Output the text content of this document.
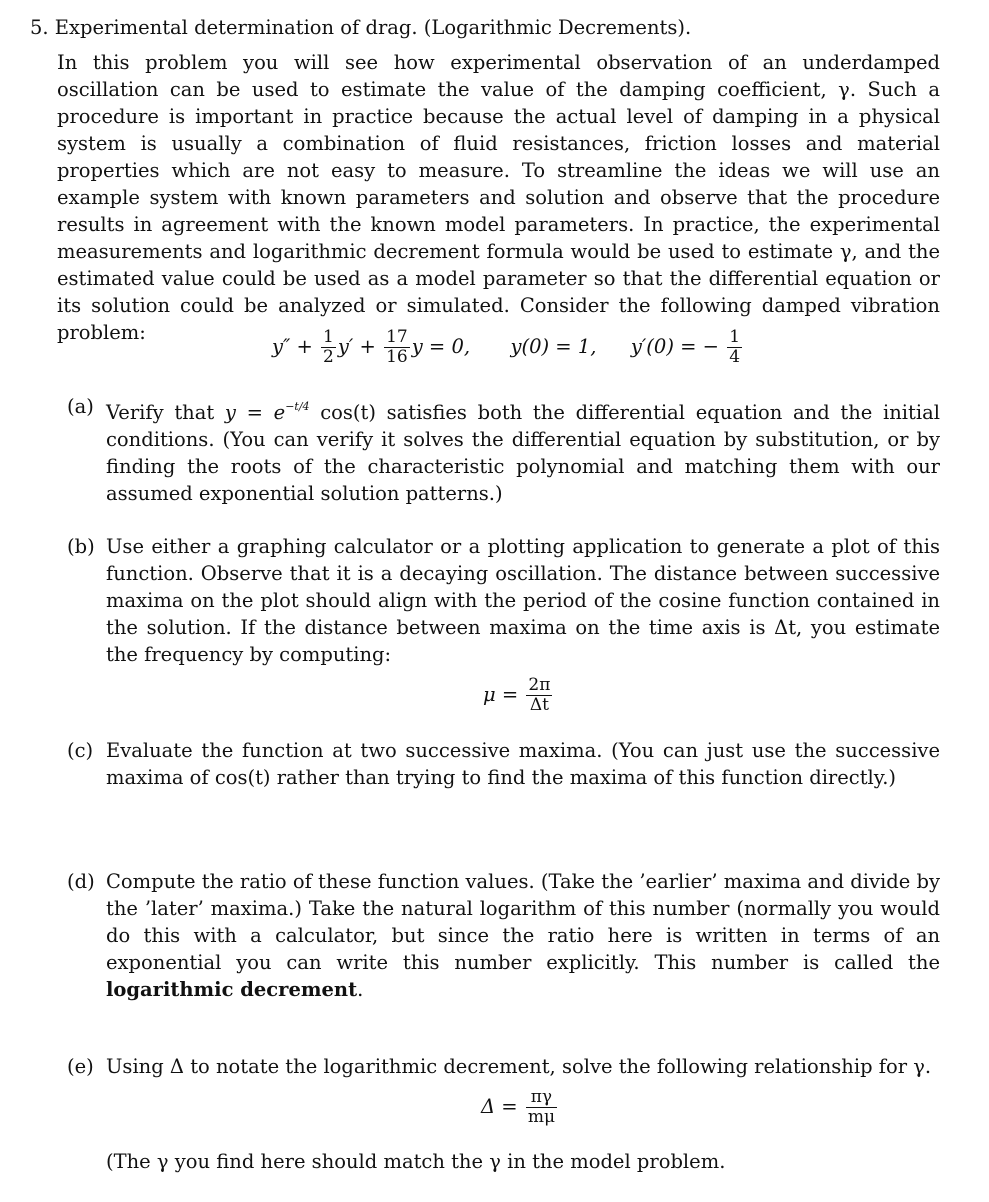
5. Experimental determination of drag. (Logarithmic Decrements).
In this problem you will see how experimental observation of an underdamped oscillation can be used to estimate the value of the damping coefficient, γ. Such a procedure is important in practice because the actual level of damping in a physical system is usually a combination of fluid resistances, friction losses and material properties which are not easy to measure. To streamline the ideas we will use an example system with known parameters and solution and observe that the procedure results in agreement with the known model parameters. In practice, the experimental measurements and logarithmic decrement formula would be used to estimate γ, and the estimated value could be used as a model parameter so that the differential equation or its solution could be analyzed or simulated. Consider the following damped vibration problem:
$y'' + \frac{1}{2} y' + \frac{17}{16}$ y = 0, y(0) = 1, y′(0) = − $\frac{1}{4}$
(a) Verify that $y = e^{-t/4}$ cos(t) satisfies both the differential equation and the initial conditions. (You can verify it solves the differential equation by substitution, or by finding the roots of the characteristic polynomial and matching them with our assumed exponential solution patterns.)
(b) Use either a graphing calculator or a plotting application to generate a plot of this function. Observe that it is a decaying oscillation. The distance between successive maxima on the plot should align with the period of the cosine function contained in the solution. If the distance between maxima on the time axis is Δt, you estimate the frequency by computing:
$\mu = \frac{2\pi}{\Delta t}$
(c) Evaluate the function at two successive maxima. (You can just use the successive maxima of cos(t) rather than trying to find the maxima of this function directly.)
(d) Compute the ratio of these function values. (Take the ’earlier’ maxima and divide by the ’later’ maxima.) Take the natural logarithm of this number (normally you would do this with a calculator, but since the ratio here is written in terms of an exponential you can write this number explicitly. This number is called the logarithmic decrement.
(e) Using Δ to notate the logarithmic decrement, solve the following relationship for γ.
$\Delta = \frac{\pi\gamma}{m\mu}$
(The γ you find here should match the γ in the model problem.
